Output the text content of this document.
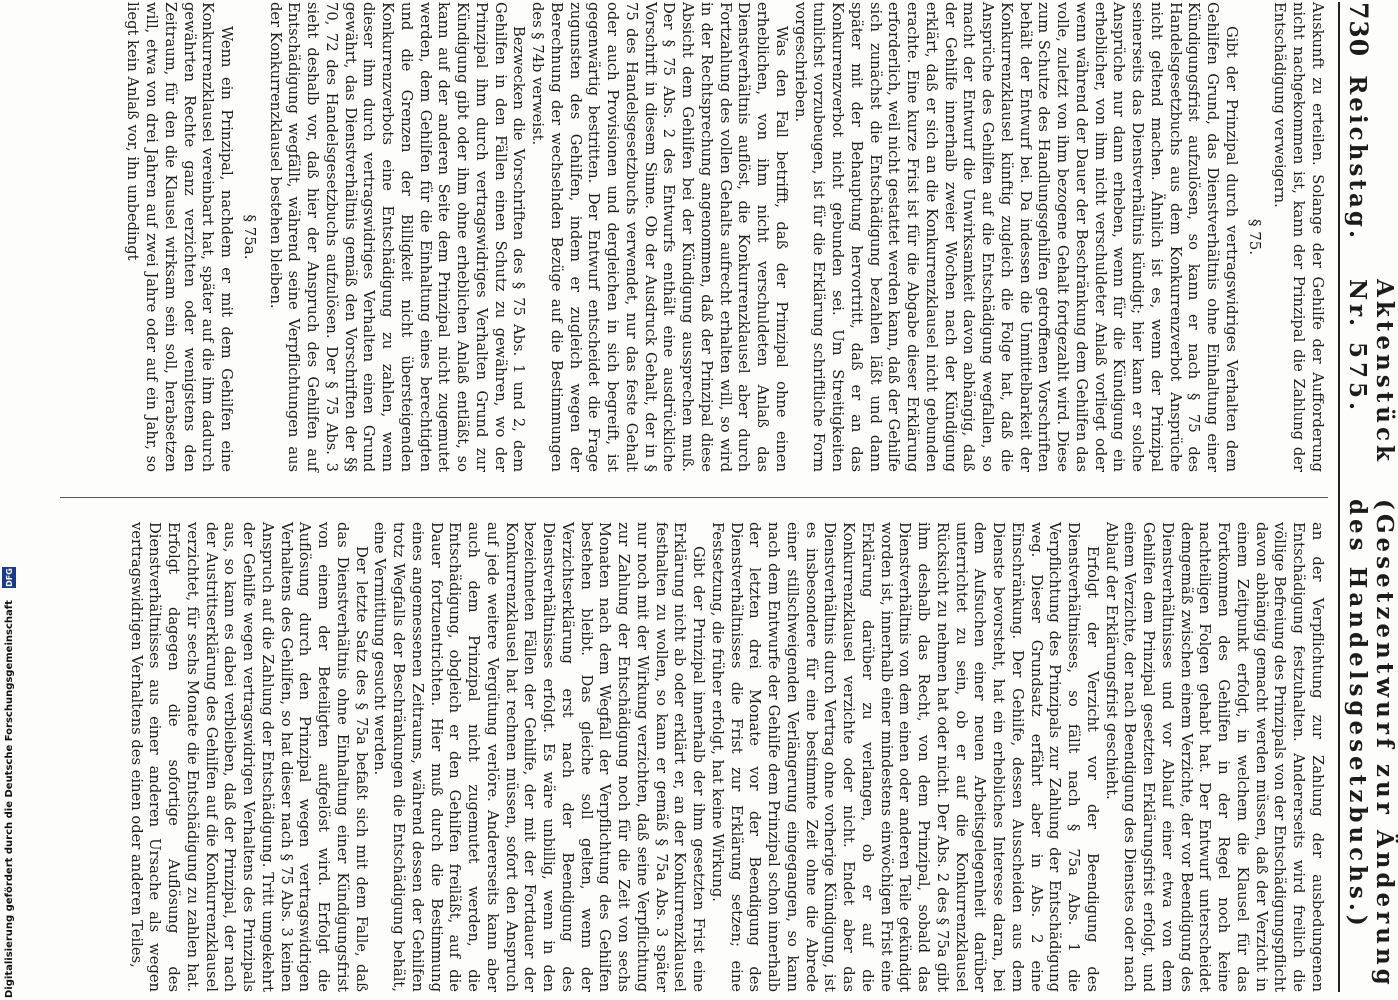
730
Reichstag.
Aktenstück Nr. 575.
(Gesetzentwurf zur Änderung des Handelsgesetzbuchs.)

Auskunft zu erteilen. Solange der Gehilfe der Aufforderung nicht nachgekommen ist, kann der Prinzipal die Zahlung der Entschädigung verweigern.

§ 75.

Gibt der Prinzipal durch vertragswidriges Verhalten dem Gehilfen Grund, das Dienstverhältnis ohne Einhaltung einer Kündigungsfrist aufzulösen, so kann er nach § 75 des Handelsgesetzbuchs aus dem Konkurrenzverbot Ansprüche nicht geltend machen. Ähnlich ist es, wenn der Prinzipal seinerseits das Dienstverhältnis kündigt; hier kann er solche Ansprüche nur dann erheben, wenn für die Kündigung ein erheblicher, von ihm nicht verschuldeter Anlaß vorliegt oder wenn während der Dauer der Beschränkung dem Gehilfen das volle, zuletzt von ihm bezogene Gehalt fortgezahlt wird. Diese zum Schutze des Handlungsgehilfen getroffenen Vorschriften behält der Entwurf bei. Da indessen die Unmittelbarkeit der Konkurrenzklausel künftig zugleich die Folge hat, daß die Ansprüche des Gehilfen auf die Entschädigung wegfallen, so macht der Entwurf die Unwirksamkeit davon abhängig, daß der Gehilfe innerhalb zweier Wochen nach der Kündigung erklärt, daß er sich an die Konkurrenzklausel nicht gebunden erachte. Eine kurze Frist ist für die Abgabe dieser Erklärung erforderlich, weil nicht gestattet werden kann, daß der Gehilfe sich zunächst die Entschädigung bezahlen läßt und dann später mit der Behauptung hervortritt, daß er an das Konkurrenzverbot nicht gebunden sei. Um Streitigkeiten tunlichst vorzubeugen, ist für die Erklärung schriftliche Form vorgeschrieben.

Was den Fall betrifft, daß der Prinzipal ohne einen erheblichen, von ihm nicht verschuldeten Anlaß das Dienstverhältnis auflöst, die Konkurrenzklausel aber durch Fortzahlung des vollen Gehalts aufrecht erhalten will, so wird in der Rechtsprechung angenommen, daß der Prinzipal diese Absicht dem Gehilfen bei der Kündigung aussprechen muß. Der § 75 Abs. 2 des Entwurfs enthält eine ausdrückliche Vorschrift in diesem Sinne. Ob der Ausdruck Gehalt, der in § 75 des Handelsgesetzbuchs verwendet, nur das feste Gehalt oder auch Provisionen und dergleichen in sich begreift, ist gegenwärtig bestritten. Der Entwurf entscheidet die Frage zugunsten des Gehilfen, indem er zugleich wegen der Berechnung der wechselnden Bezüge auf die Bestimmungen des § 74b verweist.

Bezwecken die Vorschriften des § 75 Abs. 1 und 2, dem Gehilfen in den Fällen einen Schutz zu gewähren, wo der Prinzipal ihm durch vertragswidriges Verhalten Grund zur Kündigung gibt oder ihm ohne erheblichen Anlaß entläßt, so kann auf der anderen Seite dem Prinzipal nicht zugemutet werden, dem Gehilfen für die Einhaltung eines berechtigten und die Grenzen der Billigkeit nicht übersteigenden Konkurrenzverbots eine Entschädigung zu zahlen, wenn dieser ihm durch vertragswidriges Verhalten einen Grund gewährt, das Dienstverhältnis gemäß den Vorschriften der §§ 70, 72 des Handelsgesetzbuchs aufzulösen. Der § 75 Abs. 3 sieht deshalb vor, daß hier der Anspruch des Gehilfen auf Entschädigung wegfällt, während seine Verpflichtungen aus der Konkurrenzklausel bestehen bleiben.

§ 75a.

Wenn ein Prinzipal, nachdem er mit dem Gehilfen eine Konkurrenzklausel vereinbart hat, später auf die ihm dadurch gewährten Rechte ganz verzichten oder wenigstens den Zeitraum, für den die Klausel wirksam sein soll, herabsetzen will, etwa von drei Jahren auf zwei Jahre oder auf ein Jahr, so liegt kein Anlaß vor, ihn unbedingt

an der Verpflichtung zur Zahlung der ausbedungenen Entschädigung festzuhalten. Andererseits wird freilich die völlige Befreiung des Prinzipals von der Entschädigungspflicht davon abhängig gemacht werden müssen, daß der Verzicht in einem Zeitpunkt erfolgt, in welchem die Klausel für das Fortkommen des Gehilfen in der Regel noch keine nachteiligen Folgen gehabt hat. Der Entwurf unterscheidet demgemäß zwischen einem Verzichte, der vor Beendigung des Dienstverhältnisses und vor Ablauf einer etwa von dem Gehilfen dem Prinzipal gesetzten Erklärungsfrist erfolgt, und einem Verzichte, der nach Beendigung des Dienstes oder nach Ablauf der Erklärungsfrist geschieht.

Erfolgt der Verzicht vor der Beendigung des Dienstverhältnisses, so fällt nach § 75a Abs. 1 die Verpflichtung des Prinzipals zur Zahlung der Entschädigung weg. Dieser Grundsatz erfährt aber in Abs. 2 eine Einschränkung. Der Gehilfe, dessen Ausscheiden aus dem Dienste bevorsteht, hat ein erhebliches Interesse daran, bei dem Aufsuchen einer neuen Arbeitsgelegenheit darüber unterrichtet zu sein, ob er auf die Konkurrenzklausel Rücksicht zu nehmen hat oder nicht. Der Abs. 2 des § 75a gibt ihm deshalb das Recht, von dem Prinzipal, sobald das Dienstverhältnis von dem einen oder anderen Teile gekündigt worden ist, innerhalb einer mindestens einwöchigen Frist eine Erklärung darüber zu verlangen, ob er auf die Konkurrenzklausel verzichte oder nicht. Endet aber das Dienstverhältnis durch Vertrag ohne vorherige Kündigung, ist es insbesondere für eine bestimmte Zeit ohne die Abrede einer stillschweigenden Verlängerung eingegangen, so kann nach dem Entwurfe der Gehilfe dem Prinzipal schon innerhalb der letzten drei Monate vor der Beendigung des Dienstverhältnisses die Frist zur Erklärung setzen; eine Festsetzung, die früher erfolgt, hat keine Wirkung.

Gibt der Prinzipal innerhalb der ihm gesetzten Frist eine Erklärung nicht ab oder erklärt er, an der Konkurrenzklausel festhalten zu wollen, so kann er gemäß § 75a Abs. 3 später nur noch mit der Wirkung verzichten, daß seine Verpflichtung zur Zahlung der Entschädigung noch für die Zeit von sechs Monaten nach dem Wegfall der Verpflichtung des Gehilfen bestehen bleibt. Das gleiche soll gelten, wenn der Verzichtserklärung erst nach der Beendigung des Dienstverhältnisses erfolgt. Es wäre unbillig, wenn in den bezeichneten Fällen der Gehilfe, der mit der Fortdauer der Konkurrenzklausel hat rechnen müssen, sofort den Anspruch auf jede weitere Vergütung verlöre. Andererseits kann aber auch dem Prinzipal nicht zugemutet werden, die Entschädigung, obgleich er den Gehilfen freiläßt, auf die Dauer fortzuentrichten. Hier muß durch die Bestimmung eines angemessenen Zeitraums, während dessen der Gehilfen trotz Wegfalls der Beschränkungen die Entschädigung behält, eine Vermittlung gesucht werden.

Der letzte Satz des § 75a befaßt sich mit dem Falle, daß das Dienstverhältnis ohne Einhaltung einer Kündigungsfrist von einem der Beteiligten aufgelöst wird. Erfolgt die Auflösung durch den Prinzipal wegen vertragswidrigen Verhaltens des Gehilfen, so hat dieser nach § 75 Abs. 3 keinen Anspruch auf die Zahlung der Entschädigung. Tritt umgekehrt der Gehilfe wegen vertragswidrigen Verhaltens des Prinzipals aus, so kann es dabei verbleiben, daß der Prinzipal, der nach der Austrittserklärung des Gehilfen auf die Konkurrenzklausel verzichtet, für sechs Monate die Entschädigung zu zahlen hat. Erfolgt dagegen die sofortige Auflösung des Dienstverhältnisses aus einer anderen Ursache als wegen vertragswidrigen Verhaltens des einen oder anderen Teiles,

Digitalisierung gefördert durch die Deutsche Forschungsgemeinschaft
DFG
